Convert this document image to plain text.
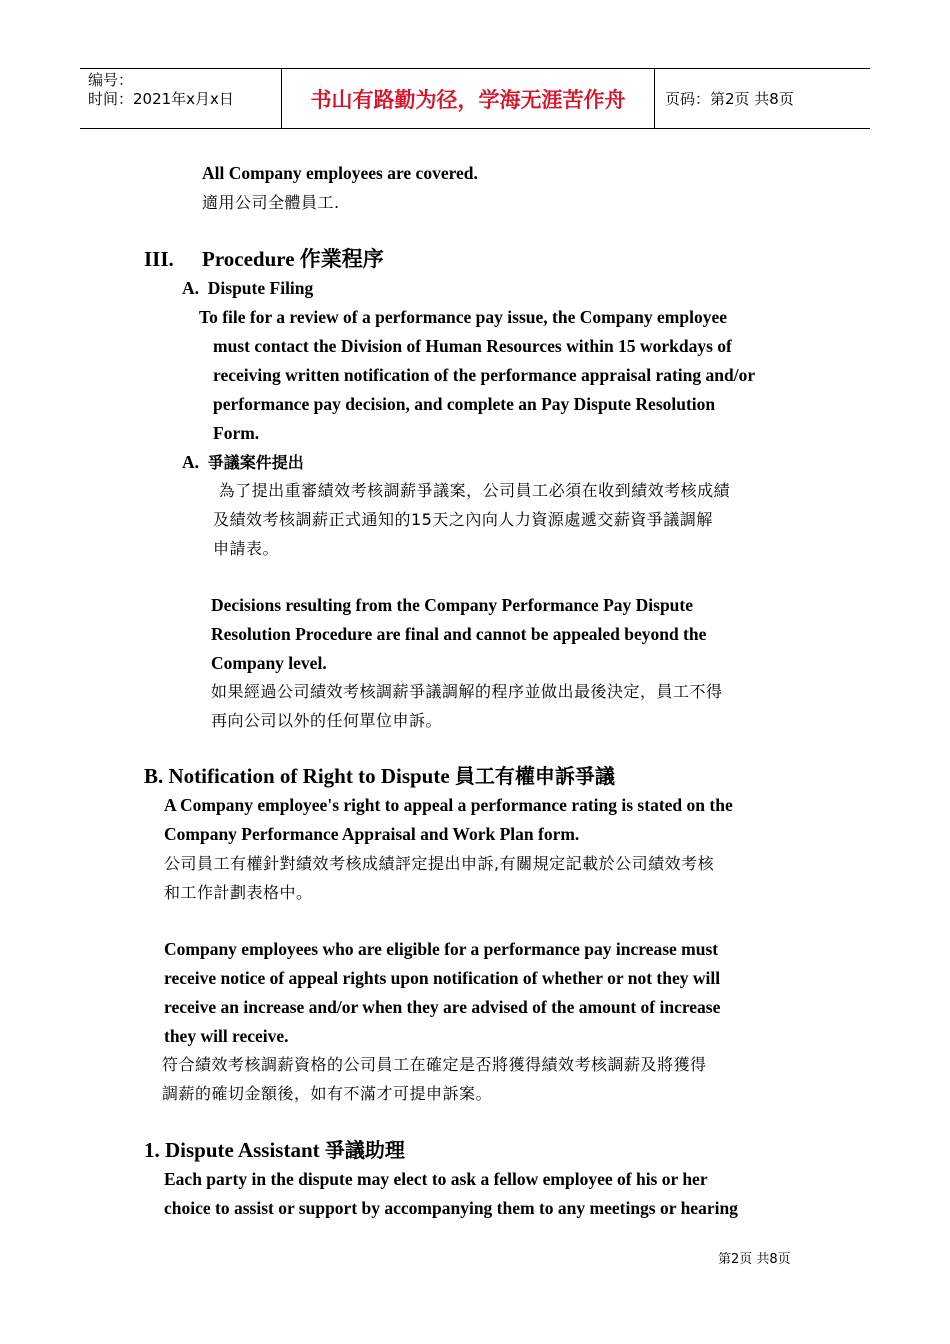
编号：
时间：2021年x月x日	书山有路勤为径，学海无涯苦作舟	页码：第2页 共8页
All Company employees are covered.
適用公司全體員工.
III. Procedure 作業程序
A. Dispute Filing
To file for a review of a performance pay issue, the Company employee
must contact the Division of Human Resources within 15 workdays of
receiving written notification of the performance appraisal rating and/or
performance pay decision, and complete an Pay Dispute Resolution
Form.
A. 爭議案件提出
為了提出重審績效考核調薪爭議案，公司員工必須在收到績效考核成績
及績效考核調薪正式通知的15天之內向人力資源處遞交薪資爭議調解
申請表。
Decisions resulting from the Company Performance Pay Dispute
Resolution Procedure are final and cannot be appealed beyond the
Company level.
如果經過公司績效考核調薪爭議調解的程序並做出最後決定，員工不得
再向公司以外的任何單位申訴。
B. Notification of Right to Dispute 員工有權申訴爭議
A Company employee's right to appeal a performance rating is stated on the
Company Performance Appraisal and Work Plan form.
公司員工有權針對績效考核成績評定提出申訴,有關規定記載於公司績效考核
和工作計劃表格中。
Company employees who are eligible for a performance pay increase must
receive notice of appeal rights upon notification of whether or not they will
receive an increase and/or when they are advised of the amount of increase
they will receive.
符合績效考核調薪資格的公司員工在確定是否將獲得績效考核調薪及將獲得
調薪的確切金額後，如有不滿才可提申訴案。
1. Dispute Assistant 爭議助理
Each party in the dispute may elect to ask a fellow employee of his or her
choice to assist or support by accompanying them to any meetings or hearing
第2页 共8页
